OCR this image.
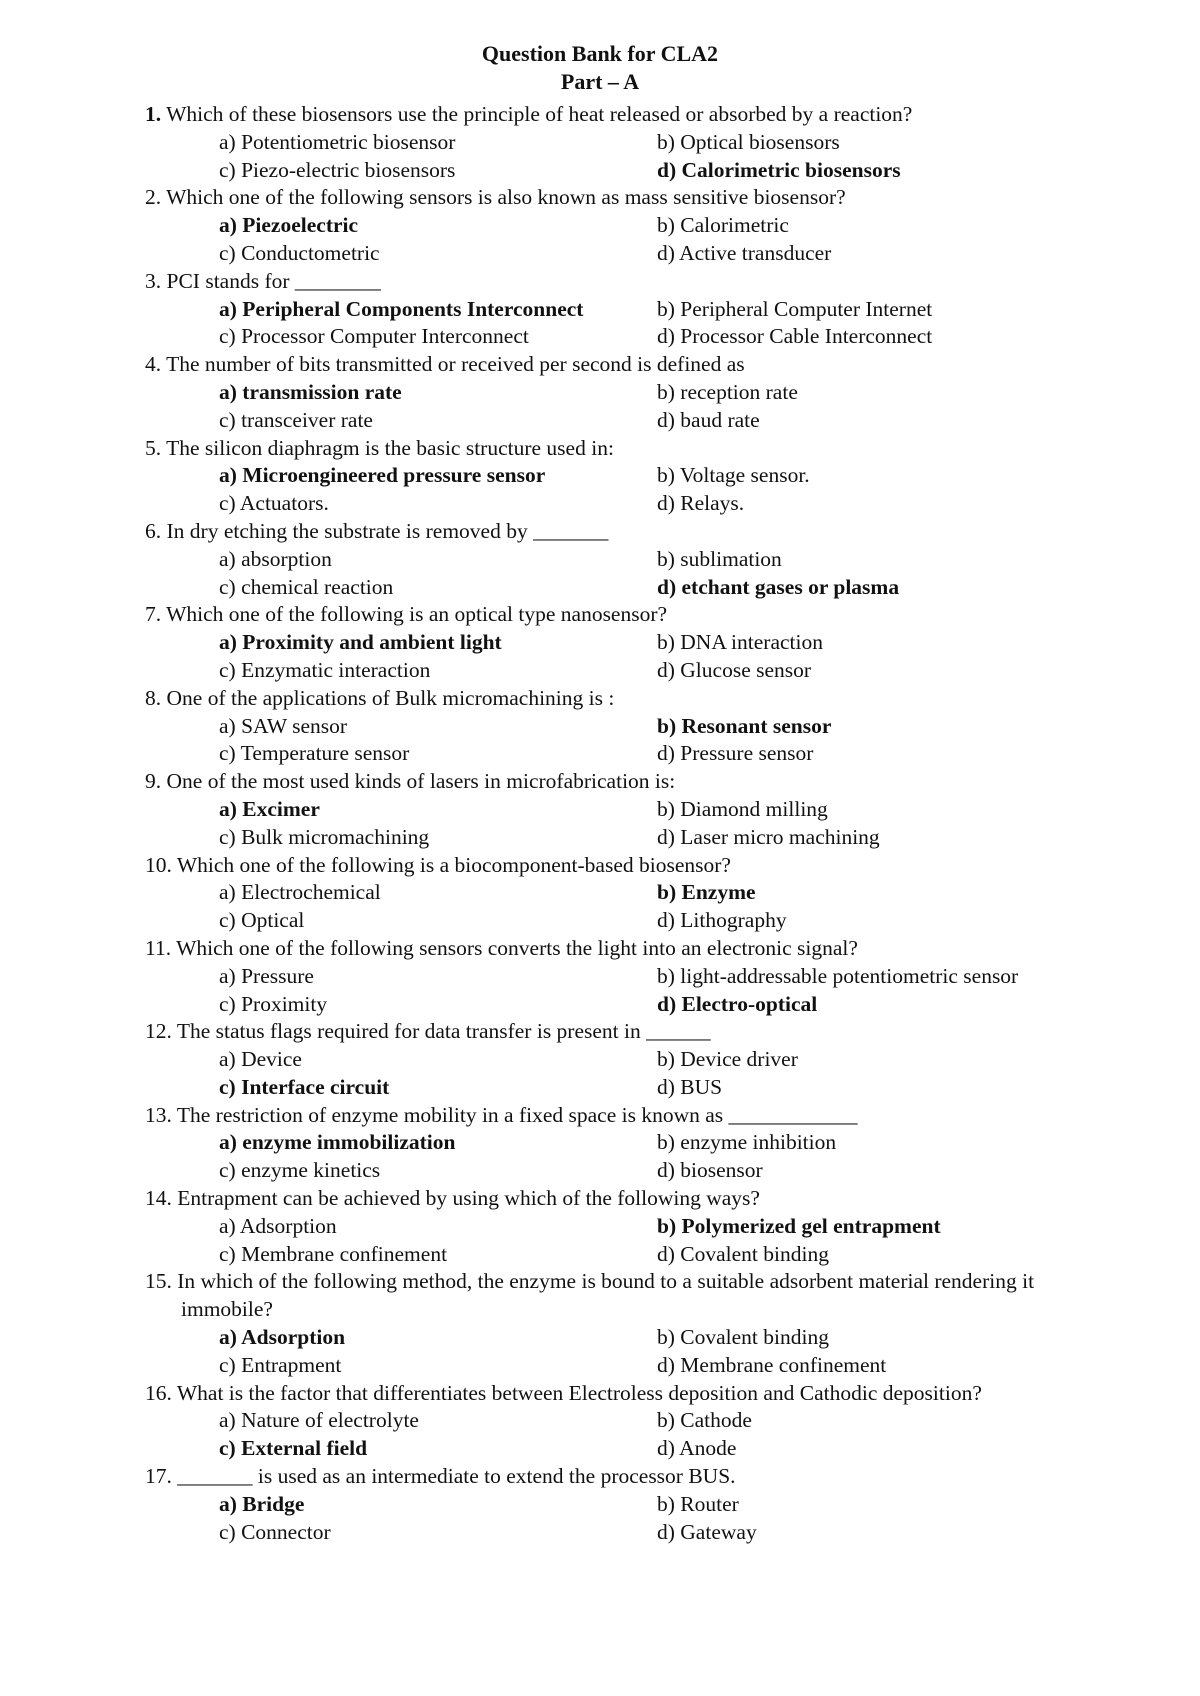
Question Bank for CLA2
Part – A
1. Which of these biosensors use the principle of heat released or absorbed by a reaction?
a) Potentiometric biosensor	b) Optical biosensors
c) Piezo-electric biosensors	d) Calorimetric biosensors
2. Which one of the following sensors is also known as mass sensitive biosensor?
a) Piezoelectric	b) Calorimetric
c) Conductometric	d) Active transducer
3. PCI stands for ________
a) Peripheral Components Interconnect	b) Peripheral Computer Internet
c) Processor Computer Interconnect	d) Processor Cable Interconnect
4. The number of bits transmitted or received per second is defined as
a) transmission rate	b) reception rate
c) transceiver rate	d) baud rate
5. The silicon diaphragm is the basic structure used in:
a) Microengineered pressure sensor	b) Voltage sensor.
c) Actuators.	d) Relays.
6. In dry etching the substrate is removed by _______
a) absorption	b) sublimation
c) chemical reaction	d) etchant gases or plasma
7. Which one of the following is an optical type nanosensor?
a) Proximity and ambient light	b) DNA interaction
c) Enzymatic interaction	d) Glucose sensor
8. One of the applications of Bulk micromachining is :
a) SAW sensor	b) Resonant sensor
c) Temperature sensor	d) Pressure sensor
9. One of the most used kinds of lasers in microfabrication is:
a) Excimer	b) Diamond milling
c) Bulk micromachining	d) Laser micro machining
10. Which one of the following is a biocomponent-based biosensor?
a) Electrochemical	b) Enzyme
c) Optical	d) Lithography
11. Which one of the following sensors converts the light into an electronic signal?
a) Pressure	b) light-addressable potentiometric sensor
c) Proximity	d) Electro-optical
12. The status flags required for data transfer is present in ______
a) Device	b) Device driver
c) Interface circuit	d) BUS
13. The restriction of enzyme mobility in a fixed space is known as ____________
a) enzyme immobilization	b) enzyme inhibition
c) enzyme kinetics	d) biosensor
14. Entrapment can be achieved by using which of the following ways?
a) Adsorption	b) Polymerized gel entrapment
c) Membrane confinement	d) Covalent binding
15. In which of the following method, the enzyme is bound to a suitable adsorbent material rendering it immobile?
a) Adsorption	b) Covalent binding
c) Entrapment	d) Membrane confinement
16. What is the factor that differentiates between Electroless deposition and Cathodic deposition?
a) Nature of electrolyte	b) Cathode
c) External field	d) Anode
17. _______ is used as an intermediate to extend the processor BUS.
a) Bridge	b) Router
c) Connector	d) Gateway
